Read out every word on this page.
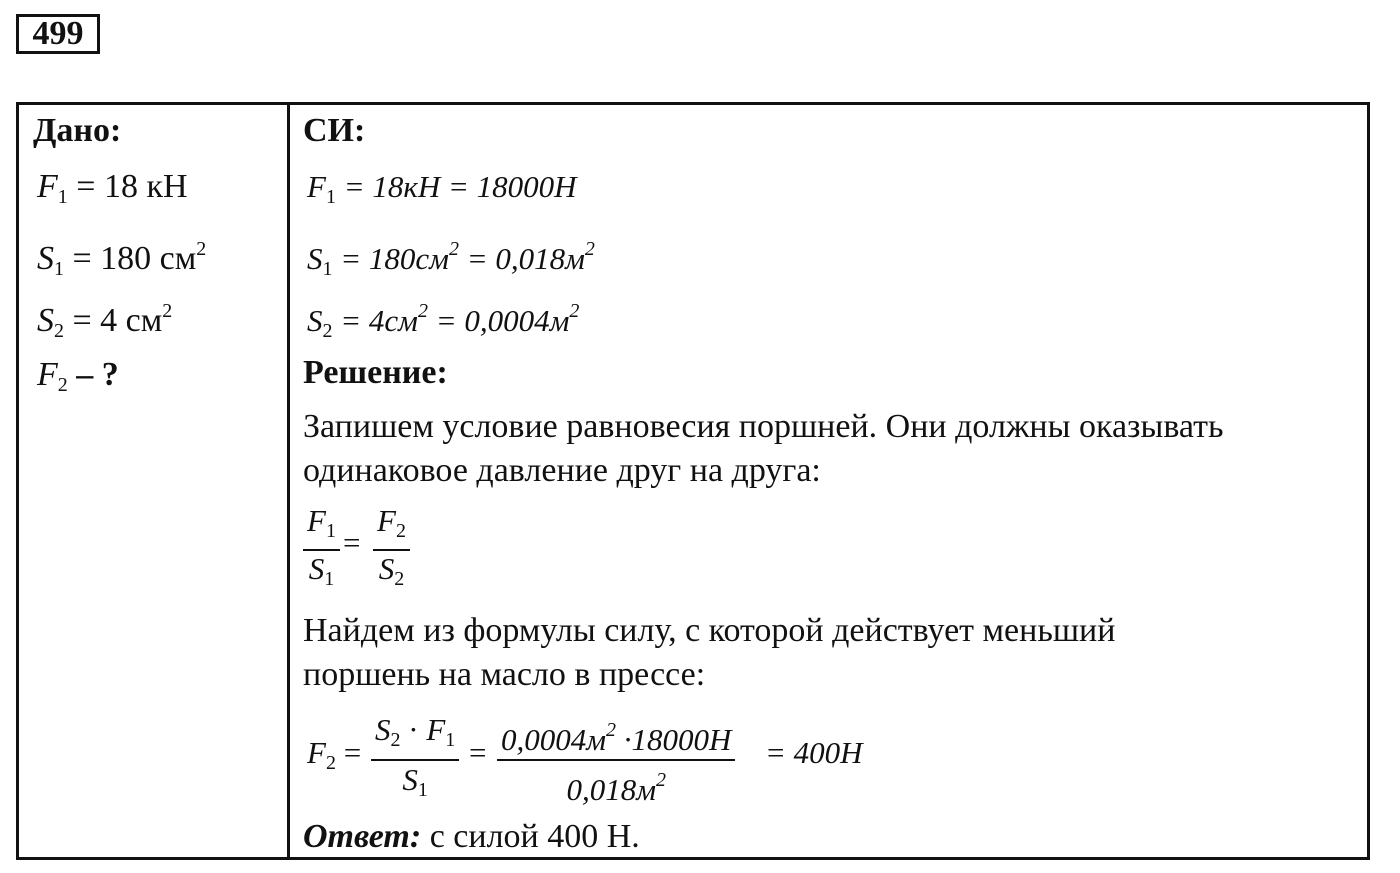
499
Дано:
$F_1 = 18$ кН
$S_1 = 180$ $см^2$
$S_2 = 4$ $см^2$
$F_2$ – ?
СИ:
$F_1 = 18кН = 18000Н$
$S_1 = 180см^2 = 0,018м^2$
$S_2 = 4см^2 = 0,0004м^2$
Решение:
Запишем условие равновесия поршней. Они должны оказывать
одинаковое давление друг на друга:
$\frac{F_1}{S_1} = \frac{F_2}{S_2}$
Найдем из формулы силу, с которой действует меньший
поршень на масло в прессе:
$F_2 = \frac{S_2 \cdot F_1}{S_1} = 0,0004м^2 \cdot 18000Н$
$0,018м^2$
= 400Н
Ответ: с силой 400 Н.
